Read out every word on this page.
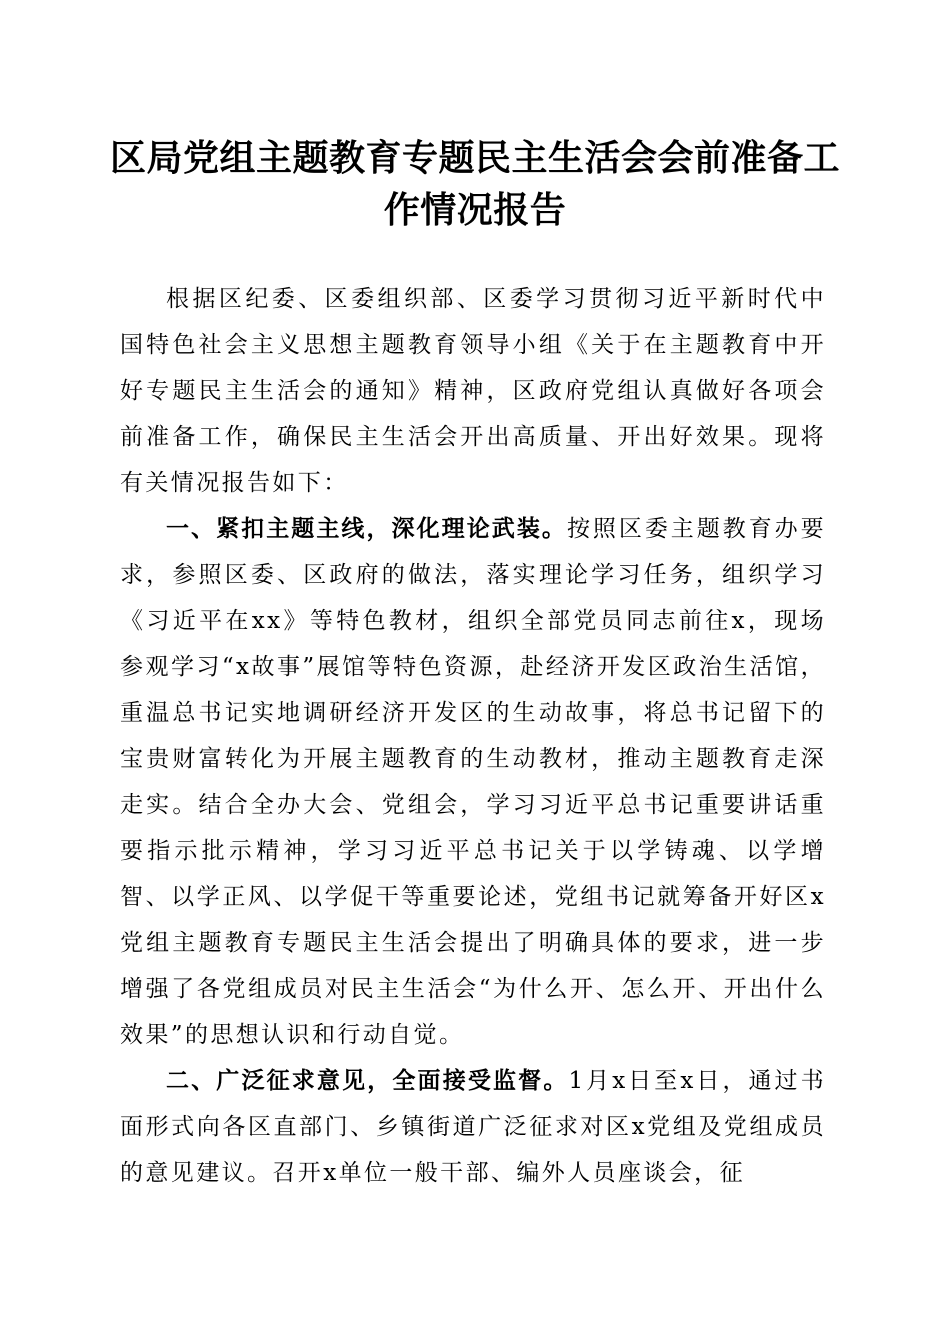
区局党组主题教育专题民主生活会会前准备工作情况报告

根据区纪委、区委组织部、区委学习贯彻习近平新时代中国特色社会主义思想主题教育领导小组《关于在主题教育中开好专题民主生活会的通知》精神，区政府党组认真做好各项会前准备工作，确保民主生活会开出高质量、开出好效果。现将有关情况报告如下：

一、紧扣主题主线，深化理论武装。按照区委主题教育办要求，参照区委、区政府的做法，落实理论学习任务，组织学习《习近平在xx》等特色教材，组织全部党员同志前往x，现场参观学习“x故事”展馆等特色资源，赴经济开发区政治生活馆，重温总书记实地调研经济开发区的生动故事，将总书记留下的宝贵财富转化为开展主题教育的生动教材，推动主题教育走深走实。结合全办大会、党组会，学习习近平总书记重要讲话重要指示批示精神，学习习近平总书记关于以学铸魂、以学增智、以学正风、以学促干等重要论述，党组书记就筹备开好区x党组主题教育专题民主生活会提出了明确具体的要求，进一步增强了各党组成员对民主生活会“为什么开、怎么开、开出什么效果”的思想认识和行动自觉。

二、广泛征求意见，全面接受监督。1月x日至x日，通过书面形式向各区直部门、乡镇街道广泛征求对区x党组及党组成员的意见建议。召开x单位一般干部、编外人员座谈会，征
